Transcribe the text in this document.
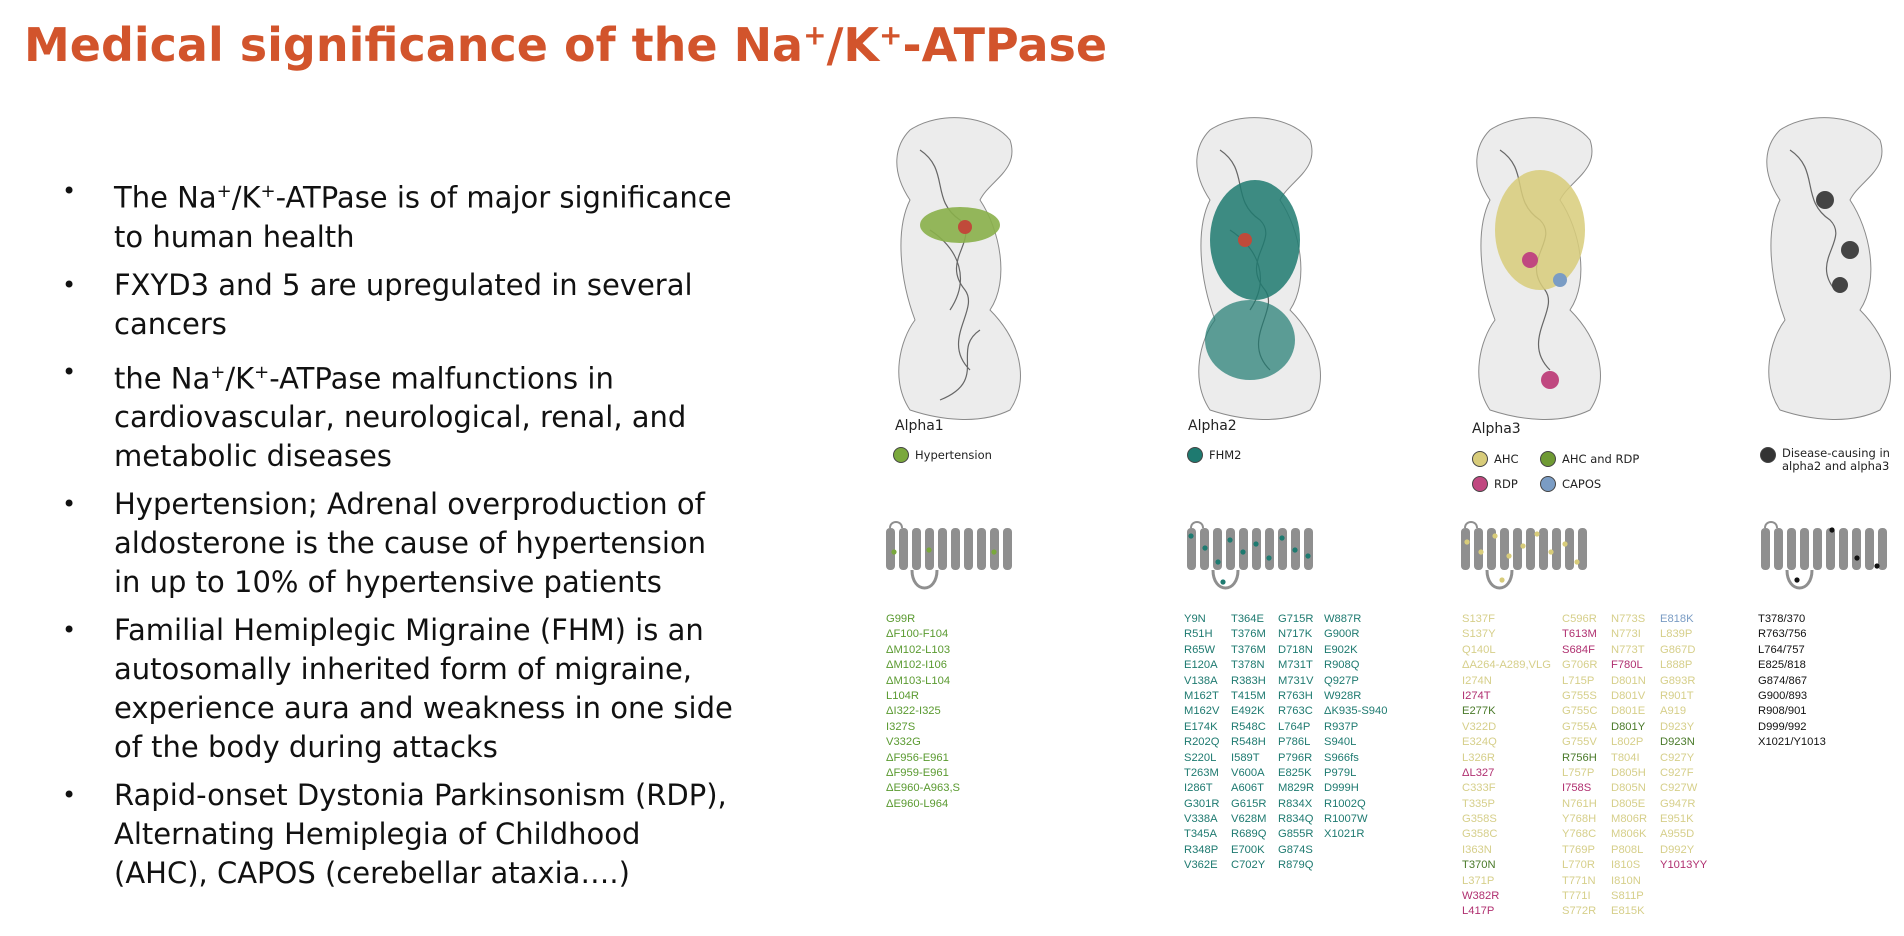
Medical significance of the Na+/K+-ATPase
• The Na+/K+-ATPase is of major significance to human health
• FXYD3 and 5 are upregulated in several cancers
• the Na+/K+-ATPase malfunctions in cardiovascular, neurological, renal, and metabolic diseases
• Hypertension; Adrenal overproduction of aldosterone is the cause of hypertension in up to 10% of hypertensive patients
• Familial Hemiplegic Migraine (FHM) is an autosomally inherited form of migraine, experience aura and weakness in one side of the body during attacks
• Rapid-onset Dystonia Parkinsonism (RDP), Alternating Hemiplegia of Childhood (AHC), CAPOS (cerebellar ataxia….)
Alpha1
Hypertension
Alpha2
FHM2
Alpha3
AHC	AHC and RDP
RDP	CAPOS
Disease-causing in alpha2 and alpha3
G99R
ΔF100-F104
ΔM102-L103
ΔM102-I106
ΔM103-L104
L104R
ΔI322-I325
I327S
V332G
ΔF956-E961
ΔF959-E961
ΔE960-A963,S
ΔE960-L964
Y9N
R51H
R65W
E120A
V138A
M162T
M162V
E174K
R202Q
S220L
T263M
I286T
G301R
V338A
T345A
R348P
V362E
T364E
T376M
T376M
T378N
R383H
T415M
E492K
R548C
R548H
I589T
V600A
A606T
G615R
V628M
R689Q
E700K
C702Y
G715R
N717K
D718N
M731T
M731V
R763H
R763C
L764P
P786L
P796R
E825K
M829R
R834X
R834Q
G855R
G874S
R879Q
W887R
G900R
E902K
R908Q
Q927P
W928R
ΔK935-S940
R937P
S940L
S966fs
P979L
D999H
R1002Q
R1007W
X1021R
S137F
S137Y
Q140L
ΔA264-A289,VLG
I274N
I274T
E277K
V322D
E324Q
L326R
ΔL327
C333F
T335P
G358S
G358C
I363N
T370N
L371P
W382R
L417P
C596R
T613M
S684F
G706R
L715P
G755S
G755C
G755A
G755V
R756H
L757P
I758S
N761H
Y768H
Y768C
T769P
L770R
T771N
T771I
S772R
N773S
N773I
N773T
F780L
D801N
D801V
D801E
D801Y
L802P
T804I
D805H
D805N
D805E
M806R
M806K
P808L
I810S
I810N
S811P
E815K
E818K
L839P
G867D
L888P
G893R
R901T
A919
D923Y
D923N
C927Y
C927F
C927W
G947R
E951K
A955D
D992Y
Y1013YY
T378/370
R763/756
L764/757
E825/818
G874/867
G900/893
R908/901
D999/992
X1021/Y1013
